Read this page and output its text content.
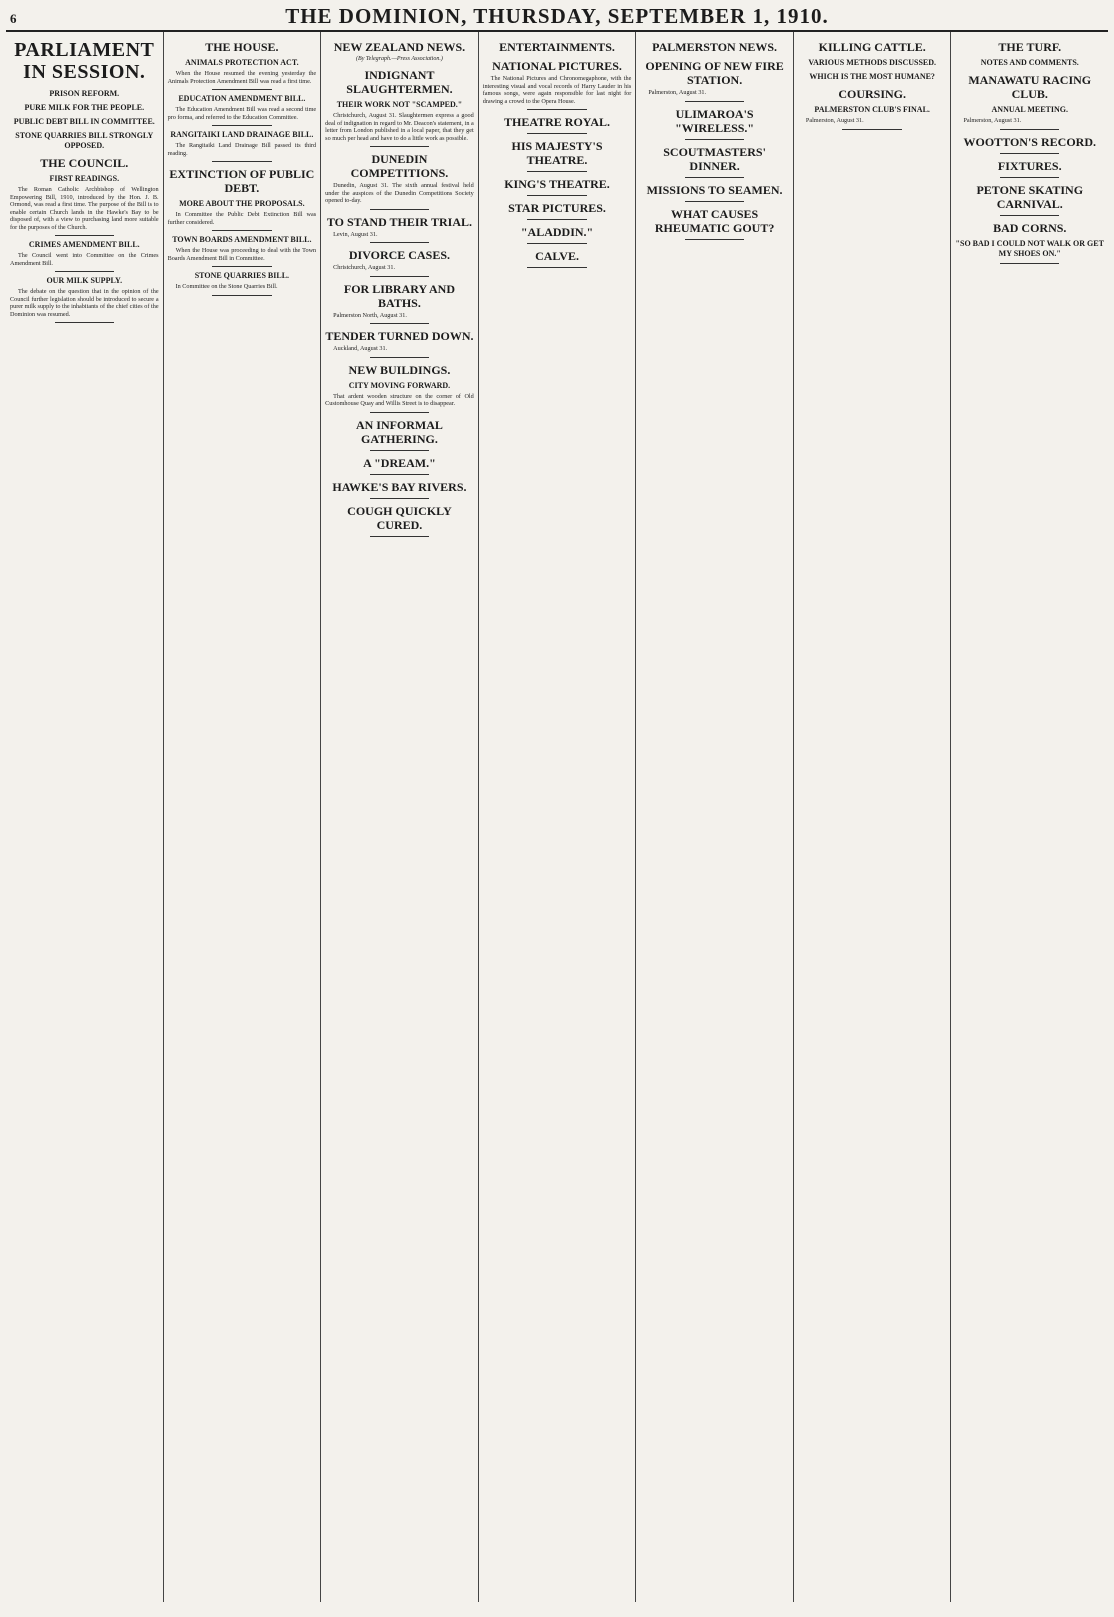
6	THE DOMINION, THURSDAY, SEPTEMBER 1, 1910.
PARLIAMENT IN SESSION.
PRISON REFORM.
PURE MILK FOR THE PEOPLE.
PUBLIC DEBT BILL IN COMMITTEE.
STONE QUARRIES BILL STRONGLY OPPOSED.
THE COUNCIL.
FIRST READINGS.

The Roman Catholic Archbishop of Wellington Empowering Bill, 1910, introduced by the Hon. J. B. Ormond, was read a first time. The purpose of the Bill is to enable certain Church lands in the Hawke's Bay to be disposed of, with a view to purchasing land more suitable for the purposes of the Church.

CRIMES AMENDMENT BILL.

The Council went into Committee on the Crimes Amendment Bill.

OUR MILK SUPPLY.

The debate on the question that in the opinion of the Council further legislation should be introduced to secure a purer milk supply to the inhabitants of the chief cities of the Dominion was resumed.

THE HOUSE.
ANIMALS PROTECTION ACT.

When the House resumed the evening yesterday the Animals Protection Amendment Bill was read a first time.

EDUCATION AMENDMENT BILL.

The Education Amendment Bill was read a second time pro forma, and referred to the Education Committee.

RANGITAIKI LAND DRAINAGE BILL.

The Rangitaiki Land Drainage Bill passed its third reading.

EXTINCTION OF PUBLIC DEBT.
MORE ABOUT THE PROPOSALS.

In Committee the Public Debt Extinction Bill was further considered.

TOWN BOARDS AMENDMENT BILL.

When the House was proceeding to deal with the Town Boards Amendment Bill in Committee.

STONE QUARRIES BILL.

In Committee on the Stone Quarries Bill.

NEW ZEALAND NEWS.
(By Telegraph.—Press Association.)
INDIGNANT SLAUGHTERMEN.
THEIR WORK NOT "SCAMPED."

Christchurch, August 31. Slaughtermen express a good deal of indignation in regard to Mr. Deacon's statement, in a letter from London published in a local paper, that they get so much per head and have to do a little work as possible.

DUNEDIN COMPETITIONS.

Dunedin, August 31. The sixth annual festival held under the auspices of the Dunedin Competitions Society opened to-day.

TO STAND THEIR TRIAL.

Levin, August 31.

DIVORCE CASES.

Christchurch, August 31.

FOR LIBRARY AND BATHS.

Palmerston North, August 31.

TENDER TURNED DOWN.

Auckland, August 31.

NEW BUILDINGS.
CITY MOVING FORWARD.

That ardent wooden structure on the corner of Old Customhouse Quay and Willis Street is to disappear.

AN INFORMAL GATHERING.
A "DREAM."
HAWKE'S BAY RIVERS.
COUGH QUICKLY CURED.
ENTERTAINMENTS.
NATIONAL PICTURES.

The National Pictures and Chronomegaphone, with the interesting visual and vocal records of Harry Lauder in his famous songs, were again responsible for last night for drawing a crowd to the Opera House.

THEATRE ROYAL.
HIS MAJESTY'S THEATRE.
KING'S THEATRE.
STAR PICTURES.
"ALADDIN."
CALVE.
PALMERSTON NEWS.
OPENING OF NEW FIRE STATION.

Palmerston, August 31.

ULIMAROA'S "WIRELESS."
SCOUTMASTERS' DINNER.
MISSIONS TO SEAMEN.
WHAT CAUSES RHEUMATIC GOUT?
KILLING CATTLE.
VARIOUS METHODS DISCUSSED.
WHICH IS THE MOST HUMANE?
COURSING.
PALMERSTON CLUB'S FINAL.

Palmerston, August 31.

THE TURF.
NOTES AND COMMENTS.
MANAWATU RACING CLUB.
ANNUAL MEETING.

Palmerston, August 31.

WOOTTON'S RECORD.
FIXTURES.
PETONE SKATING CARNIVAL.
BAD CORNS.
"SO BAD I COULD NOT WALK OR GET MY SHOES ON."
